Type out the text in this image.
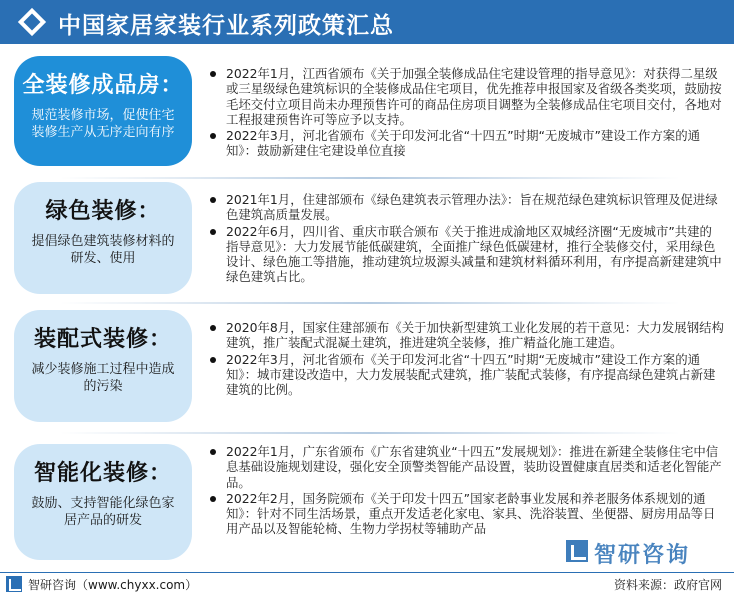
中国家居家装行业系列政策汇总
全装修成品房：
规范装修市场，促使住宅装修生产从无序走向有序
2022年1月，江西省颁布《关于加强全装修成品住宅建设管理的指导意见》：对获得二星级或三星级绿色建筑标识的全装修成品住宅项目，优先推荐申报国家及省级各类奖项，鼓励按毛坯交付立项目尚未办理预售许可的商品住房项目调整为全装修成品住宅项目交付，各地对工程报建预售许可等应予以支持。
2022年3月，河北省颁布《关于印发河北省“十四五”时期“无废城市”建设工作方案的通知》：鼓励新建住宅建设单位直接
绿色装修：
提倡绿色建筑装修材料的研发、使用
2021年1月，住建部颁布《绿色建筑表示管理办法》：旨在规范绿色建筑标识管理及促进绿色建筑高质量发展。
2022年6月，四川省、重庆市联合颁布《关于推进成渝地区双城经济圈“无废城市”共建的指导意见》：大力发展节能低碳建筑，全面推广绿色低碳建材，推行全装修交付，采用绿色设计、绿色施工等措施，推动建筑垃圾源头减量和建筑材料循环利用，有序提高新建建筑中绿色建筑占比。
装配式装修：
减少装修施工过程中造成的污染
2020年8月，国家住建部颁布《关于加快新型建筑工业化发展的若干意见：大力发展钢结构建筑，推广装配式混凝土建筑，推进建筑全装修，推广精益化施工建造。
2022年3月，河北省颁布《关于印发河北省“十四五”时期“无废城市”建设工作方案的通知》：城市建设改造中，大力发展装配式建筑，推广装配式装修，有序提高绿色建筑占新建建筑的比例。
智能化装修：
鼓励、支持智能化绿色家居产品的研发
2022年1月，广东省颁布《广东省建筑业“十四五”发展规划》：推进在新建全装修住宅中信息基础设施规划建设，强化安全顶警类智能产品设置，装助设置健康直居类和适老化智能产品。
2022年2月，国务院颁布《关于印发十四五”国家老龄事业发展和养老服务体系规划的通知》：针对不同生活场景，重点开发适老化家电、家具、洗浴装置、坐便器、厨房用品等日用产品以及智能轮椅、生物力学拐杖等辅助产品
智研咨询
智研咨询（www.chyxx.com）	资料来源：政府官网
